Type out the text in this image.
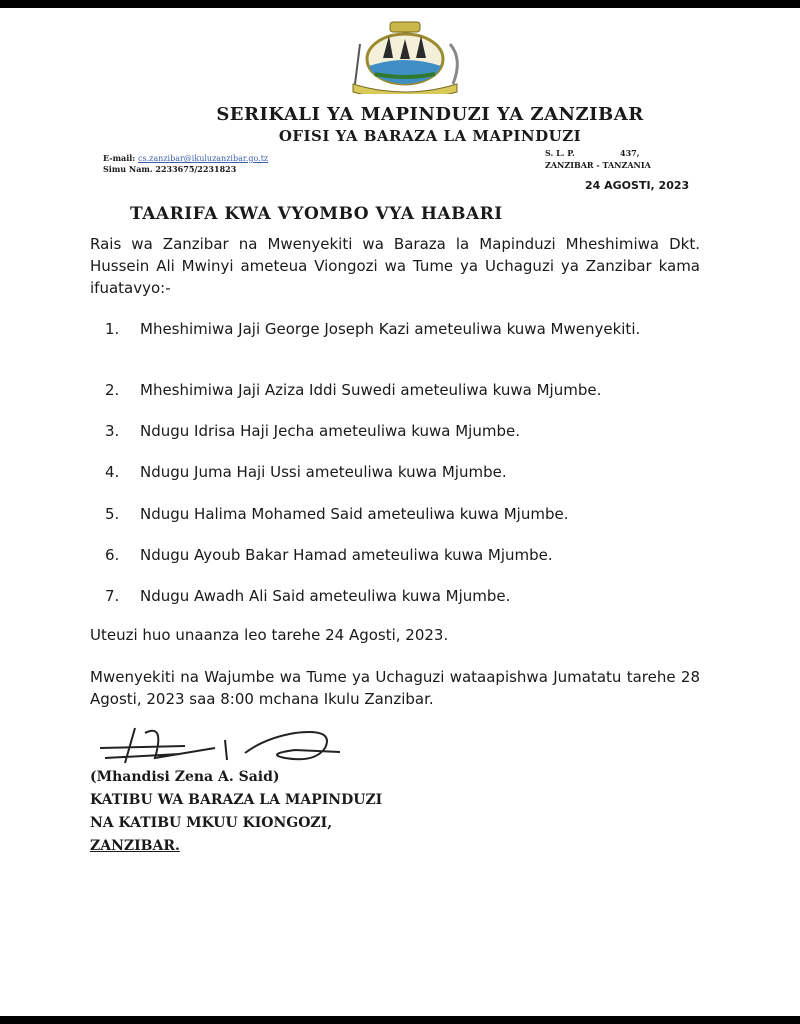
SERIKALI YA MAPINDUZI YA ZANZIBAR
OFISI YA BARAZA LA MAPINDUZI
E-mail: cs.zanzibar@ikuluzanzibar.go.tz
Simu Nam. 2233675/2231823
S. L. P.	437,
ZANZIBAR - TANZANIA
24 AGOSTI, 2023
TAARIFA KWA VYOMBO VYA HABARI
Rais wa Zanzibar na Mwenyekiti wa Baraza la Mapinduzi Mheshimiwa Dkt. Hussein Ali Mwinyi ameteua Viongozi wa Tume ya Uchaguzi ya Zanzibar kama ifuatavyo:-
1.	Mheshimiwa Jaji George Joseph Kazi ameteuliwa kuwa Mwenyekiti.
2.	Mheshimiwa Jaji Aziza Iddi Suwedi ameteuliwa kuwa Mjumbe.
3.	Ndugu Idrisa Haji Jecha ameteuliwa kuwa Mjumbe.
4.	Ndugu Juma Haji Ussi ameteuliwa kuwa Mjumbe.
5.	Ndugu Halima Mohamed Said ameteuliwa kuwa Mjumbe.
6.	Ndugu Ayoub Bakar Hamad ameteuliwa kuwa Mjumbe.
7.	Ndugu Awadh Ali Said ameteuliwa kuwa Mjumbe.
Uteuzi huo unaanza leo tarehe 24 Agosti, 2023.
Mwenyekiti na Wajumbe wa Tume ya Uchaguzi wataapishwa Jumatatu tarehe 28 Agosti, 2023 saa 8:00 mchana Ikulu Zanzibar.
(Mhandisi Zena A. Said)
KATIBU WA BARAZA LA MAPINDUZI
NA KATIBU MKUU KIONGOZI,
ZANZIBAR.
